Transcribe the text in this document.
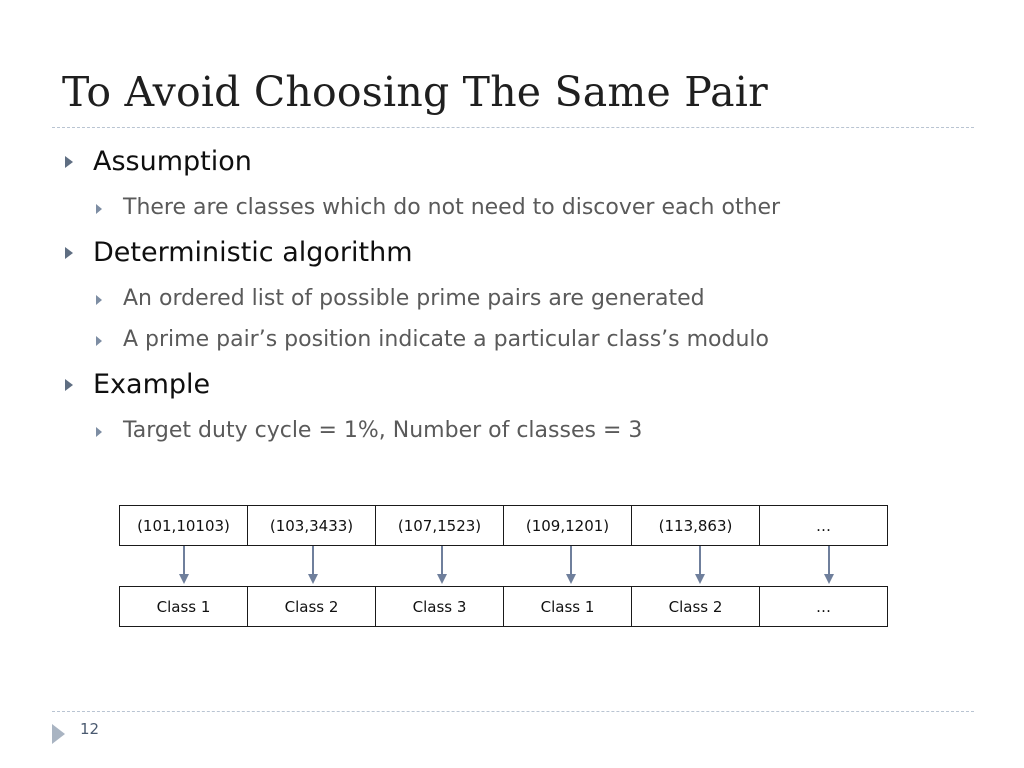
To Avoid Choosing The Same Pair
Assumption
There are classes which do not need to discover each other
Deterministic algorithm
An ordered list of possible prime pairs are generated
A prime pair’s position indicate a particular class’s modulo
Example
Target duty cycle = 1%, Number of classes = 3
(101,10103)	(103,3433)	(107,1523)	(109,1201)	(113,863)	…
Class 1	Class 2	Class 3	Class 1	Class 2	…
12
